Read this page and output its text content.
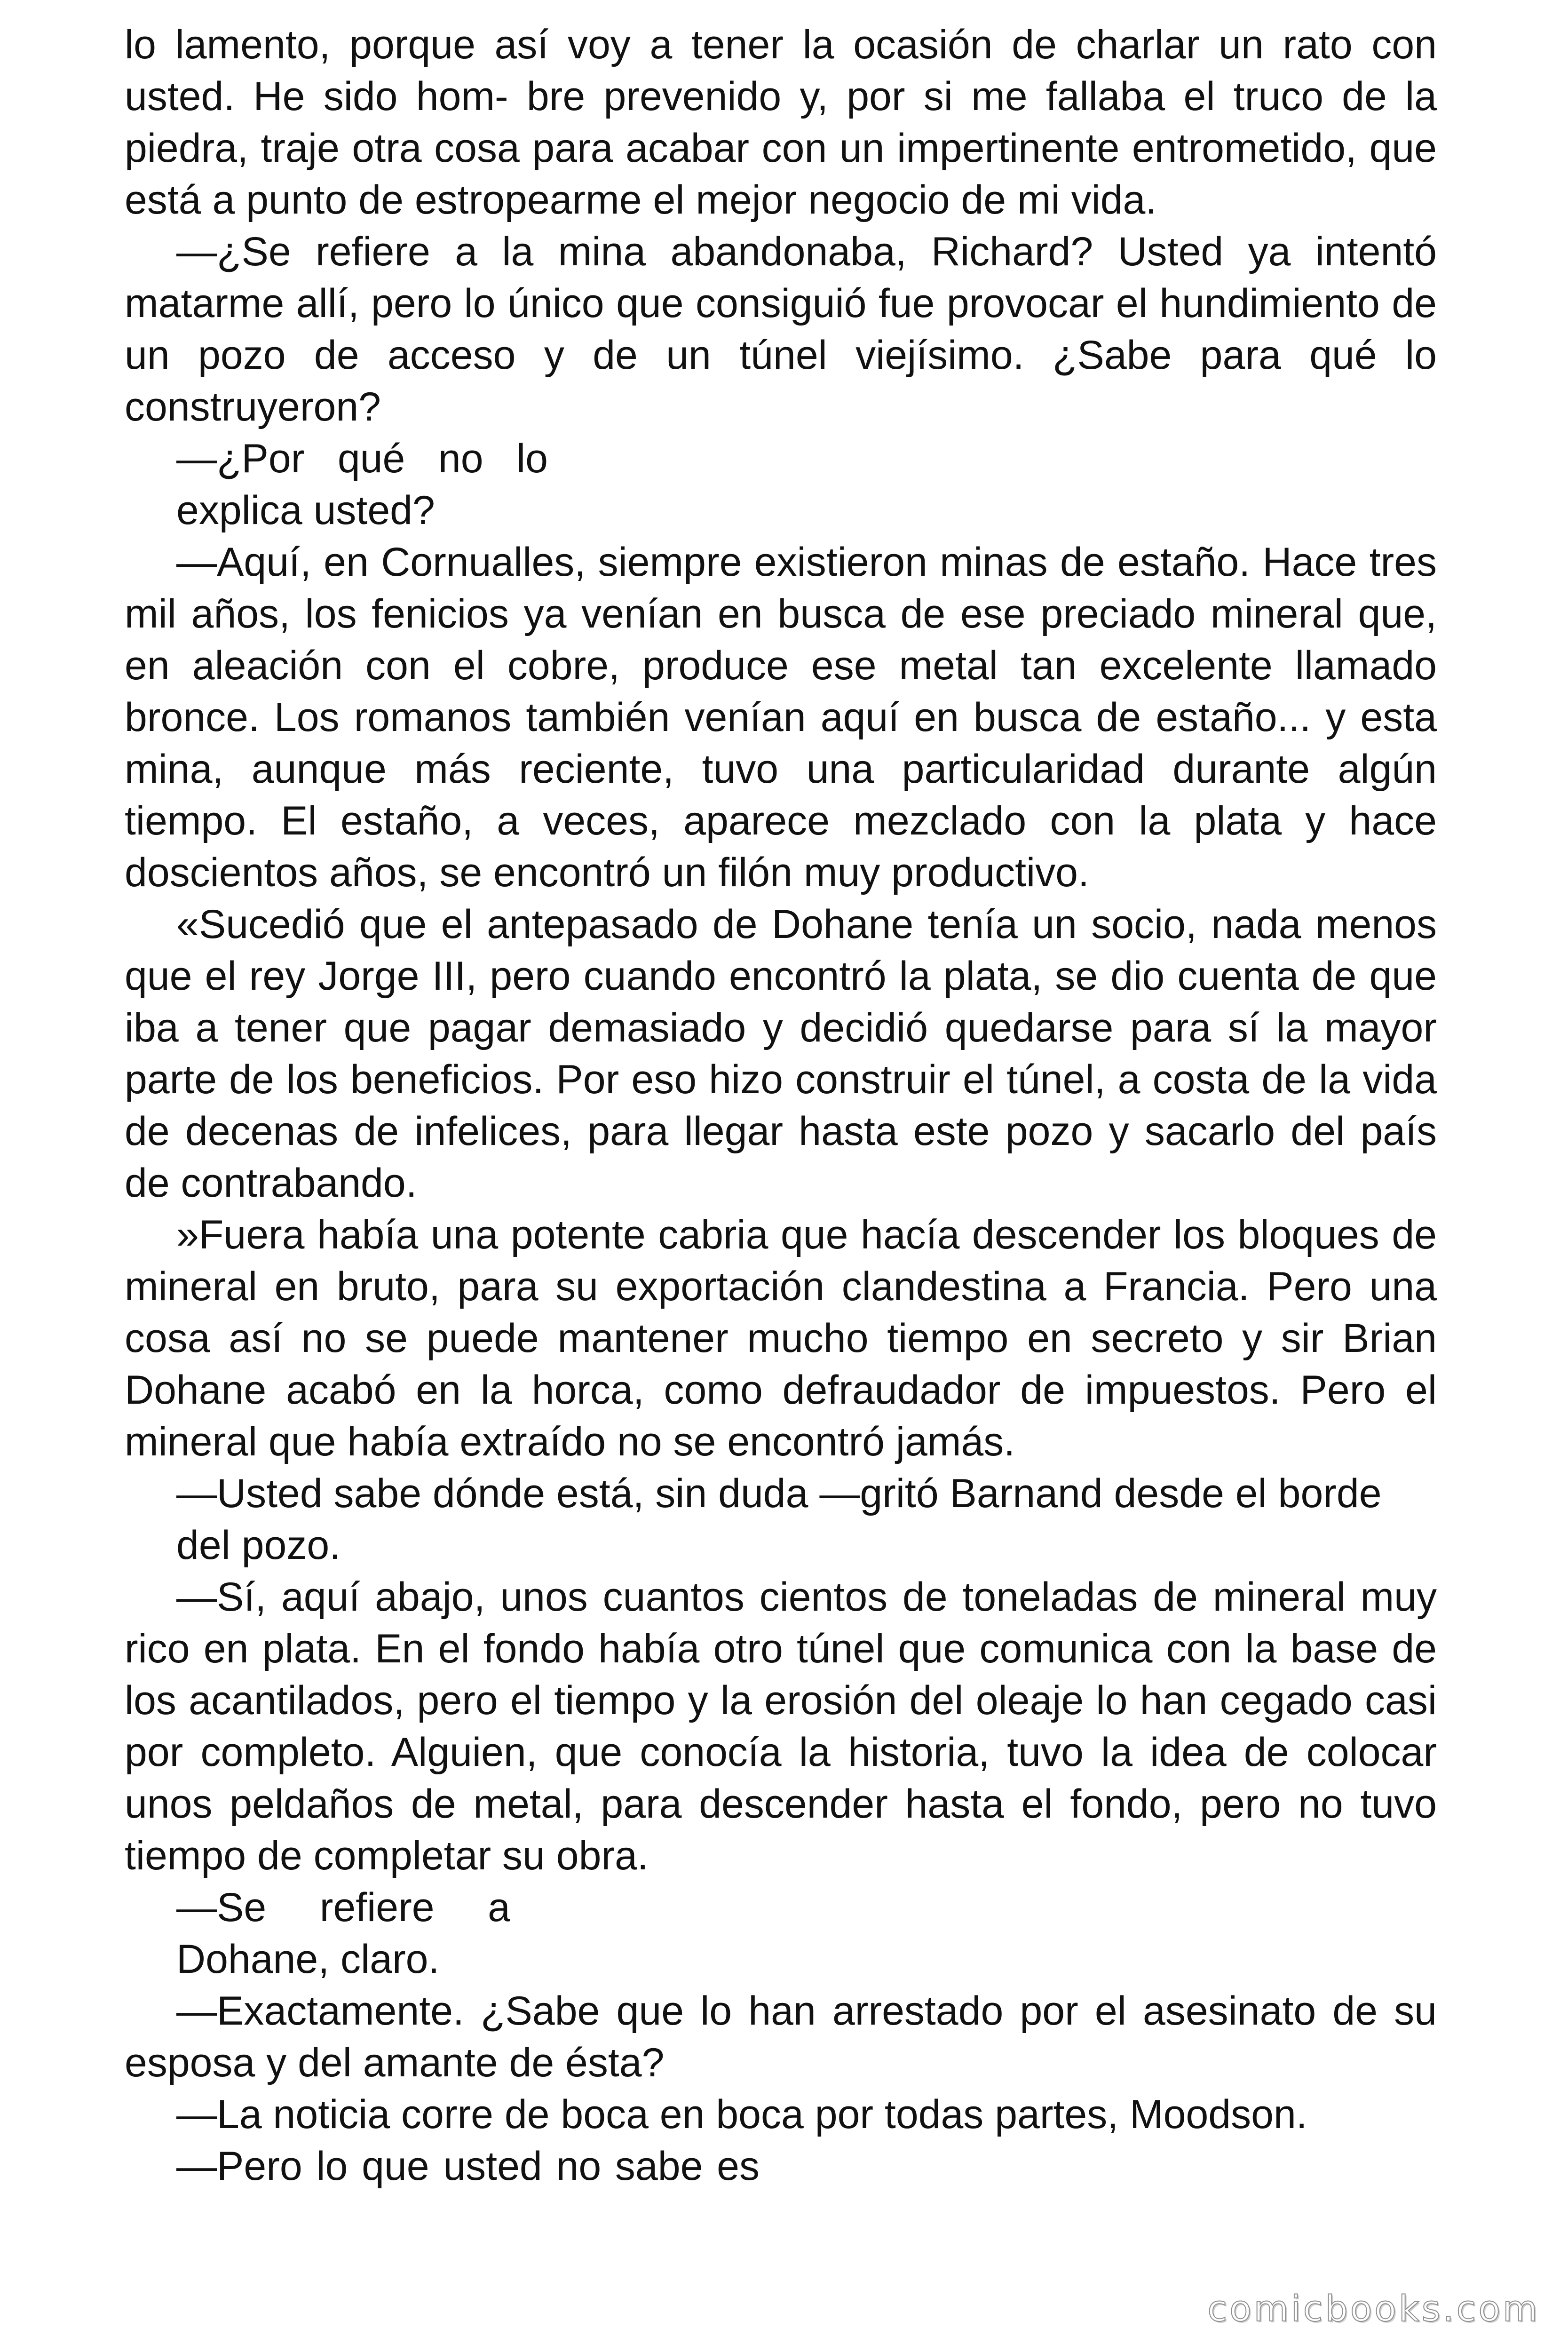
lo lamento, porque así voy a tener la ocasión de charlar un rato con usted. He sido hom- bre prevenido y, por si me fallaba el truco de la piedra, traje otra cosa para acabar con un impertinente entrometido, que está a punto de estropearme el mejor negocio de mi vida.

—¿Se refiere a la mina abandonaba, Richard? Usted ya intentó matarme allí, pero lo único que consiguió fue provocar el hundimiento de un pozo de acceso y de un túnel viejísimo. ¿Sabe para qué lo construyeron?

—¿Por qué no lo

explica usted?

—Aquí, en Cornualles, siempre existieron minas de estaño. Hace tres mil años, los fenicios ya venían en busca de ese preciado mineral que, en aleación con el cobre, produce ese metal tan excelente llamado bronce. Los romanos también venían aquí en busca de estaño... y esta mina, aunque más reciente, tuvo una particularidad durante algún tiempo. El estaño, a veces, aparece mezclado con la plata y hace doscientos años, se encontró un filón muy productivo.

«Sucedió que el antepasado de Dohane tenía un socio, nada menos que el rey Jorge III, pero cuando encontró la plata, se dio cuenta de que iba a tener que pagar demasiado y decidió quedarse para sí la mayor parte de los beneficios. Por eso hizo construir el túnel, a costa de la vida de decenas de infelices, para llegar hasta este pozo y sacarlo del país de contrabando.

»Fuera había una potente cabria que hacía descender los bloques de mineral en bruto, para su exportación clandestina a Francia. Pero una cosa así no se puede mantener mucho tiempo en secreto y sir Brian Dohane acabó en la horca, como defraudador de impuestos. Pero el mineral que había extraído no se encontró jamás.

—Usted sabe dónde está, sin duda —gritó Barnand desde el borde del pozo.

—Sí, aquí abajo, unos cuantos cientos de toneladas de mineral muy rico en plata. En el fondo había otro túnel que comunica con la base de los acantilados, pero el tiempo y la erosión del oleaje lo han cegado casi por completo. Alguien, que conocía la historia, tuvo la idea de colocar unos peldaños de metal, para descender hasta el fondo, pero no tuvo tiempo de completar su obra.

—Se refiere a

Dohane, claro.

—Exactamente. ¿Sabe que lo han arrestado por el asesinato de su esposa y del amante de ésta?

—La noticia corre de boca en boca por todas partes, Moodson.

—Pero lo que usted no sabe es

comicbooks.com
